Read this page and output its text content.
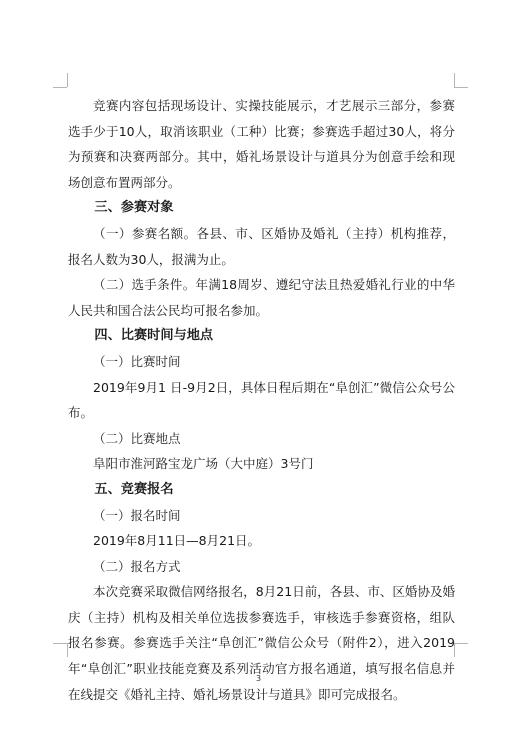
竞赛内容包括现场设计、实操技能展示，才艺展示三部分，参赛选手少于10人，取消该职业（工种）比赛；参赛选手超过30人，将分为预赛和决赛两部分。其中，婚礼场景设计与道具分为创意手绘和现场创意布置两部分。

三、参赛对象

（一）参赛名额。各县、市、区婚协及婚礼（主持）机构推荐，报名人数为30人，报满为止。

（二）选手条件。年满18周岁、遵纪守法且热爱婚礼行业的中华人民共和国合法公民均可报名参加。

四、比赛时间与地点

（一）比赛时间

2019年9月1 日-9月2日，具体日程后期在“阜创汇”微信公众号公布。

（二）比赛地点

阜阳市淮河路宝龙广场（大中庭）3号门

五、竞赛报名

（一）报名时间

2019年8月11日—8月21日。

（二）报名方式

本次竞赛采取微信网络报名，8月21日前，各县、市、区婚协及婚庆（主持）机构及相关单位选拔参赛选手，审核选手参赛资格，组队报名参赛。参赛选手关注“阜创汇”微信公众号（附件2），进入2019年“阜创汇”职业技能竞赛及系列活动官方报名通道，填写报名信息并在线提交《婚礼主持、婚礼场景设计与道具》即可完成报名。

3
